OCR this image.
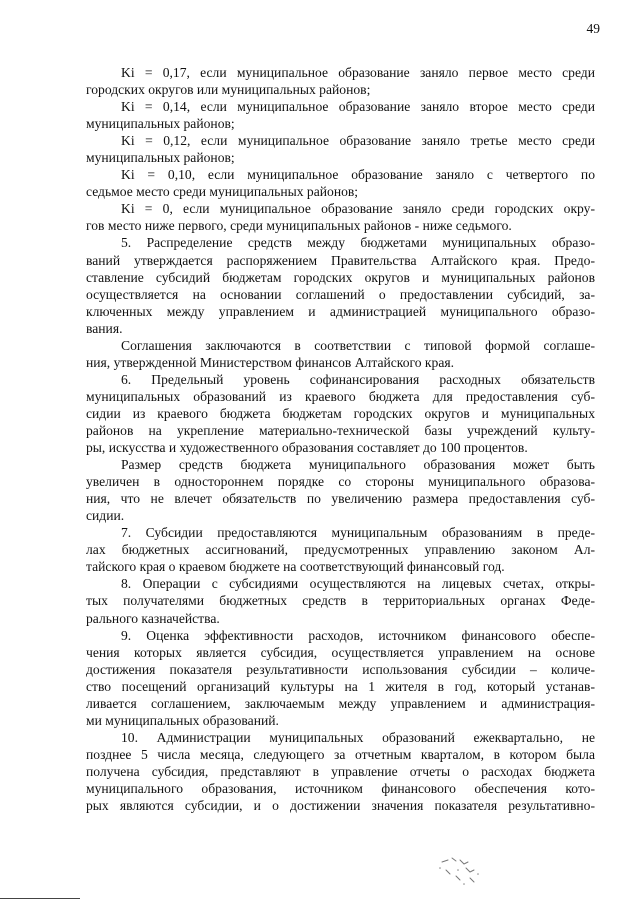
49
Ki = 0,17, если муниципальное образование заняло первое место среди
городских округов или муниципальных районов;
Ki = 0,14, если муниципальное образование заняло второе место среди
муниципальных районов;
Ki = 0,12, если муниципальное образование заняло третье место среди
муниципальных районов;
Ki = 0,10, если муниципальное образование заняло с четвертого по
седьмое место среди муниципальных районов;
Ki = 0, если муниципальное образование заняло среди городских окру-
гов место ниже первого, среди муниципальных районов - ниже седьмого.
5. Распределение средств между бюджетами муниципальных образо-
ваний утверждается распоряжением Правительства Алтайского края. Предо-
ставление субсидий бюджетам городских округов и муниципальных районов
осуществляется на основании соглашений о предоставлении субсидий, за-
ключенных между управлением и администрацией муниципального образо-
вания.
Соглашения заключаются в соответствии с типовой формой соглаше-
ния, утвержденной Министерством финансов Алтайского края.
6. Предельный уровень софинансирования расходных обязательств
муниципальных образований из краевого бюджета для предоставления суб-
сидии из краевого бюджета бюджетам городских округов и муниципальных
районов на укрепление материально-технической базы учреждений культу-
ры, искусства и художественного образования составляет до 100 процентов.
Размер средств бюджета муниципального образования может быть
увеличен в одностороннем порядке со стороны муниципального образова-
ния, что не влечет обязательств по увеличению размера предоставления суб-
сидии.
7. Субсидии предоставляются муниципальным образованиям в преде-
лах бюджетных ассигнований, предусмотренных управлению законом Ал-
тайского края о краевом бюджете на соответствующий финансовый год.
8. Операции с субсидиями осуществляются на лицевых счетах, откры-
тых получателями бюджетных средств в территориальных органах Феде-
рального казначейства.
9. Оценка эффективности расходов, источником финансового обеспе-
чения которых является субсидия, осуществляется управлением на основе
достижения показателя результативности использования субсидии – количе-
ство посещений организаций культуры на 1 жителя в год, который устанав-
ливается соглашением, заключаемым между управлением и администрация-
ми муниципальных образований.
10. Администрации муниципальных образований ежеквартально, не
позднее 5 числа месяца, следующего за отчетным кварталом, в котором была
получена субсидия, представляют в управление отчеты о расходах бюджета
муниципального образования, источником финансового обеспечения кото-
рых являются субсидии, и о достижении значения показателя результативно-
